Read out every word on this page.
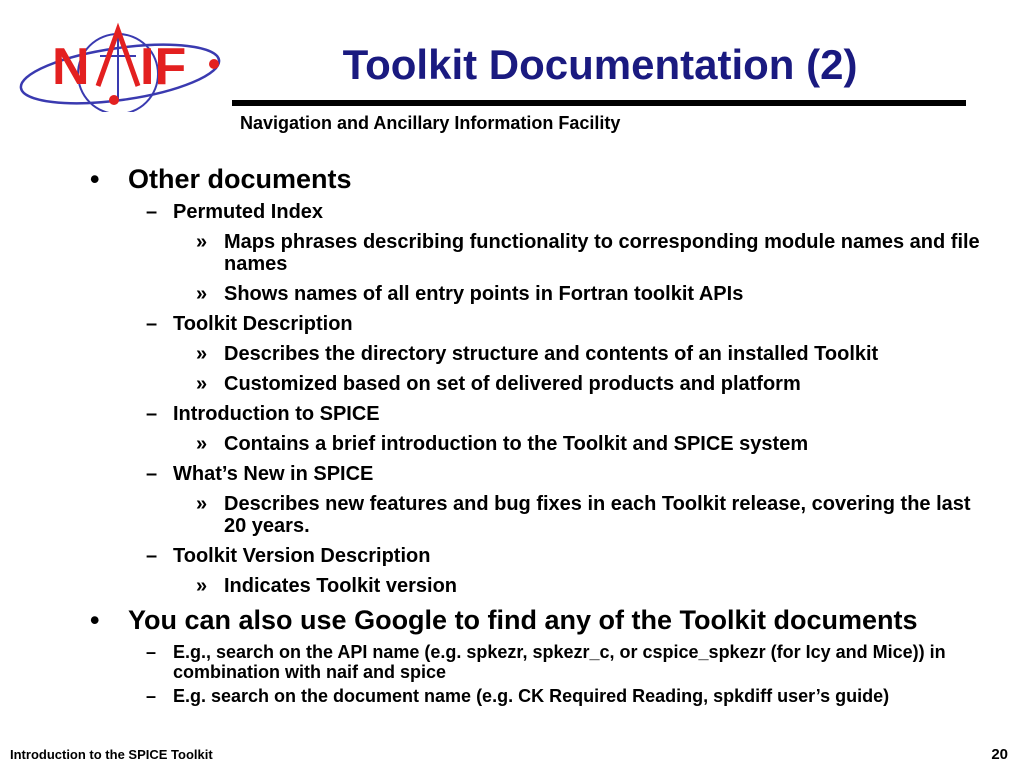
N IF	Toolkit Documentation (2)
Navigation and Ancillary Information Facility
• Other documents
– Permuted Index
» Maps phrases describing functionality to corresponding module names and file names
» Shows names of all entry points in Fortran toolkit APIs
– Toolkit Description
» Describes the directory structure and contents of an installed Toolkit
» Customized based on set of delivered products and platform
– Introduction to SPICE
» Contains a brief introduction to the Toolkit and SPICE system
– What’s New in SPICE
» Describes new features and bug fixes in each Toolkit release, covering the last 20 years.
– Toolkit Version Description
» Indicates Toolkit version
• You can also use Google to find any of the Toolkit documents
– E.g., search on the API name (e.g. spkezr, spkezr_c, or cspice_spkezr (for Icy and Mice)) in combination with naif and spice
– E.g. search on the document name (e.g. CK Required Reading, spkdiff user’s guide)
Introduction to the SPICE Toolkit	20
